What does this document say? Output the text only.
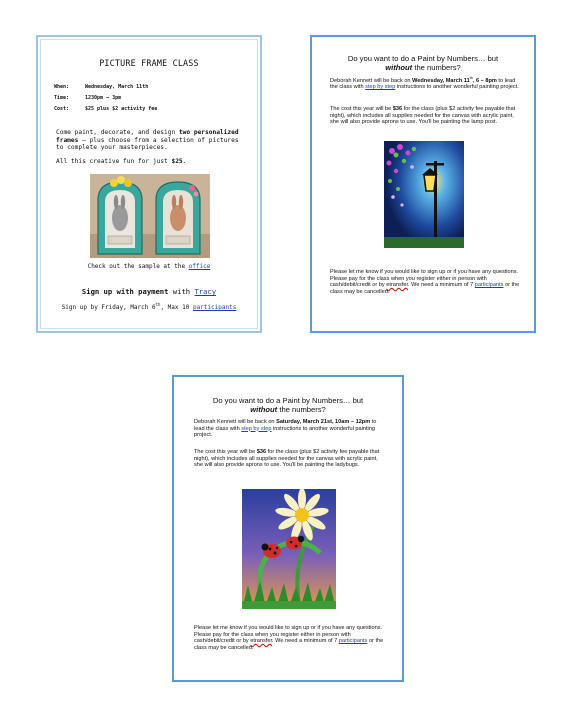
PICTURE FRAME CLASS
When:	Wednesday, March 11th
Time:	1230pm – 3pm
Cost:	$25 plus $2 activity fee
Come paint, decorate, and design two personalized frames – plus choose from a selection of pictures to complete your masterpieces.
All this creative fun for just $25.
Check out the sample at the office
Sign up with payment with Tracy
Sign up by Friday, March 6th, Max 10 participants
Do you want to do a Paint by Numbers… but
without the numbers?
Deborah Kennett will be back on Wednesday, March 11th, 6 – 8pm to lead the class with step by step instructions to another wonderful painting project.
The cost this year will be $36 for the class (plus $2 activity fee payable that night), which includes all supplies needed for the canvas with acrylic paint, she will also provide aprons to use. You'll be painting the lamp post.
Please let me know if you would like to sign up or if you have any questions. Please pay for the class when you register either in person with cash/debit/credit or by etransfer. We need a minimum of 7 participants or the class may be cancelled.
Do you want to do a Paint by Numbers… but
without the numbers?
Deborah Kennett will be back on Saturday, March 21st, 10am – 12pm to lead the class with step by step instructions to another wonderful painting project.
The cost this year will be $36 for the class (plus $2 activity fee payable that night), which includes all supplies needed for the canvas with acrylic paint, she will also provide aprons to use. You'll be painting the ladybugs.
Please let me know if you would like to sign up or if you have any questions. Please pay for the class when you register either in person with cash/debit/credit or by etransfer. We need a minimum of 7 participants or the class may be cancelled.
